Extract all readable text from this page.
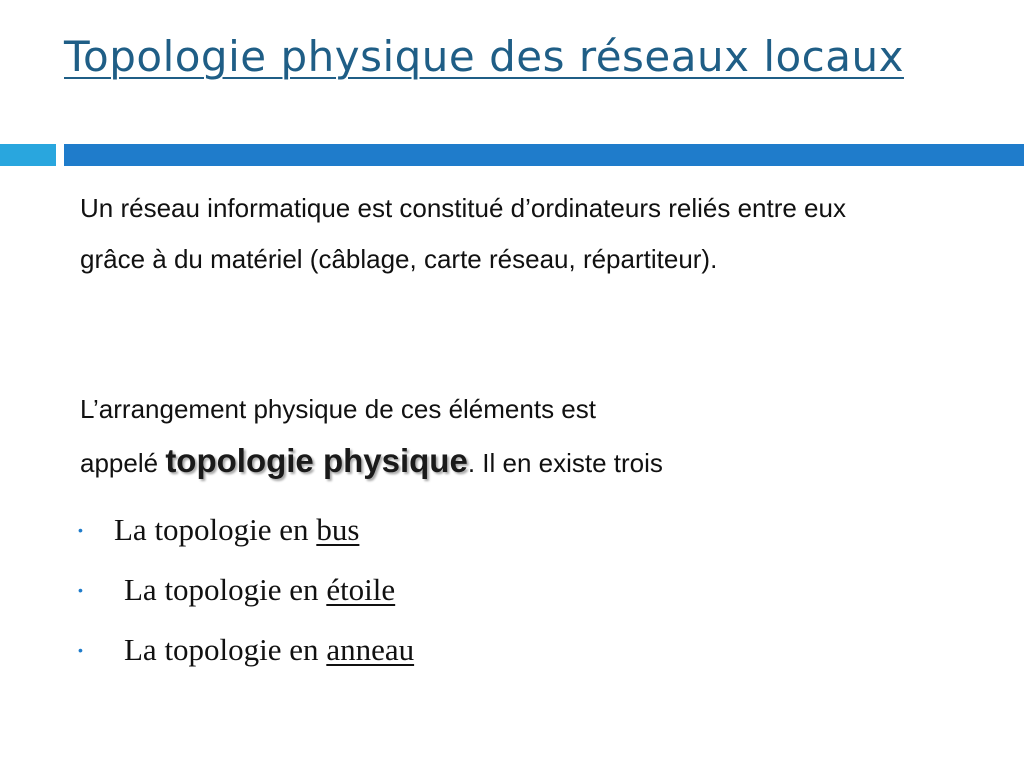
Topologie physique des réseaux locaux
Un réseau informatique est constitué d’ordinateurs reliés entre eux grâce à du matériel (câblage, carte réseau, répartiteur).
L’arrangement physique de ces éléments est
appelé topologie physique. Il en existe trois
•	La topologie en bus
•	La topologie en étoile
•	La topologie en anneau
